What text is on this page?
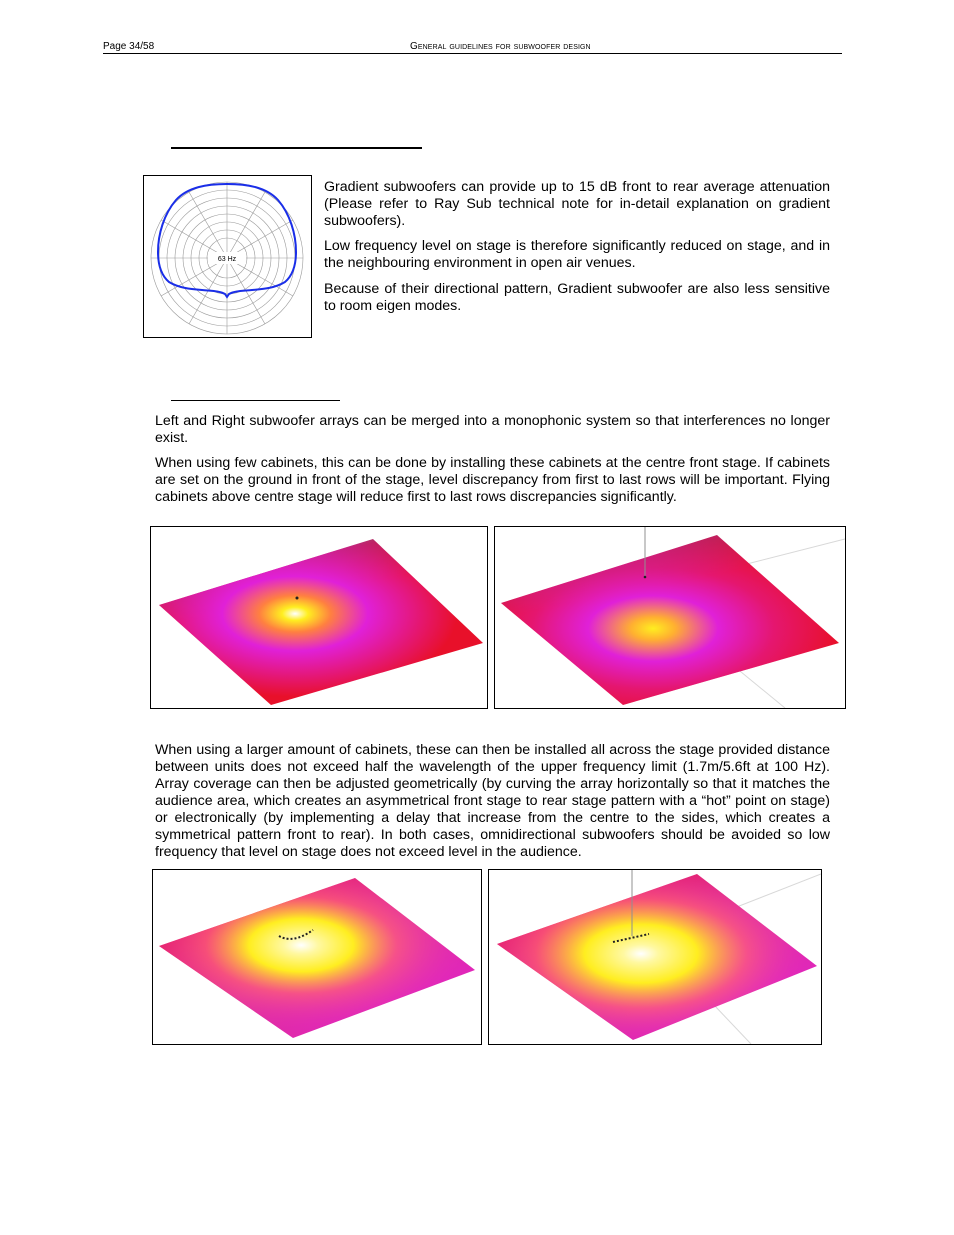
Page 34/58	General guidelines for subwoofer design
63 Hz

Gradient subwoofers can provide up to 15 dB front to rear average attenuation (Please refer to Ray Sub technical note for in-detail explanation on gradient subwoofers).

Low frequency level on stage is therefore significantly reduced on stage, and in the neighbouring environment in open air venues.

Because of their directional pattern, Gradient subwoofer are also less sensitive to room eigen modes.

Left and Right subwoofer arrays can be merged into a monophonic system so that interferences no longer exist.

When using few cabinets, this can be done by installing these cabinets at the centre front stage. If cabinets are set on the ground in front of the stage, level discrepancy from first to last rows will be important. Flying cabinets above centre stage will reduce first to last rows discrepancies significantly.

When using a larger amount of cabinets, these can then be installed all across the stage provided distance between units does not exceed half the wavelength of the upper frequency limit (1.7m/5.6ft at 100 Hz). Array coverage can then be adjusted geometrically (by curving the array horizontally so that it matches the audience area, which creates an asymmetrical front stage to rear stage pattern with a “hot” point on stage) or electronically (by implementing a delay that increase from the centre to the sides, which creates a symmetrical pattern front to rear). In both cases, omnidirectional subwoofers should be avoided so low frequency that level on stage does not exceed level in the audience.
